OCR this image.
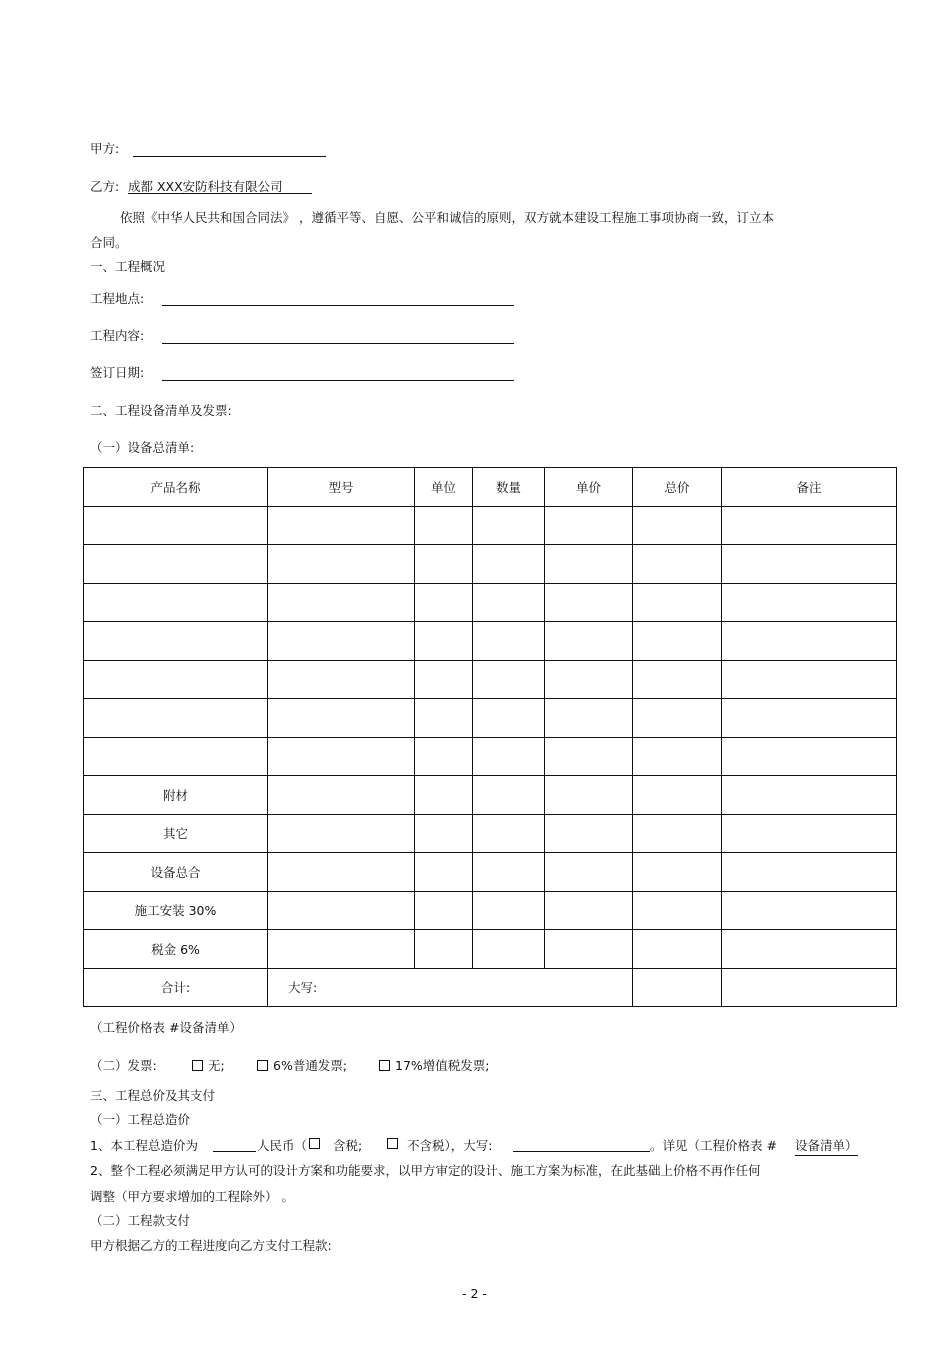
甲方:
乙方: 成都 XXX安防科技有限公司
依照《中华人民共和国合同法》 ，遵循平等、自愿、公平和诚信的原则，双方就本建设工程施工事项协商一致，订立本
合同。
一、工程概况
工程地点:
工程内容:
签订日期:
二、工程设备清单及发票:
（一）设备总清单:
产品名称	型号	单位	数量	单价	总价	备注

附材						
其它						
设备总合						
施工安装 30%						
税金 6%						
合计:	大写:					
（工程价格表 #设备清单）
（二）发票:	无;	6%普通发票;	17%增值税发票;
三、工程总价及其支付
（一）工程总造价
1、本工程总造价为	人民币（ 含税;	不含税），大写:	。详见（工程价格表 # 设备清单）
2、整个工程必须满足甲方认可的设计方案和功能要求，以甲方审定的设计、施工方案为标准，在此基础上价格不再作任何
调整（甲方要求增加的工程除外） 。
（二）工程款支付
甲方根据乙方的工程进度向乙方支付工程款:
- 2 -
